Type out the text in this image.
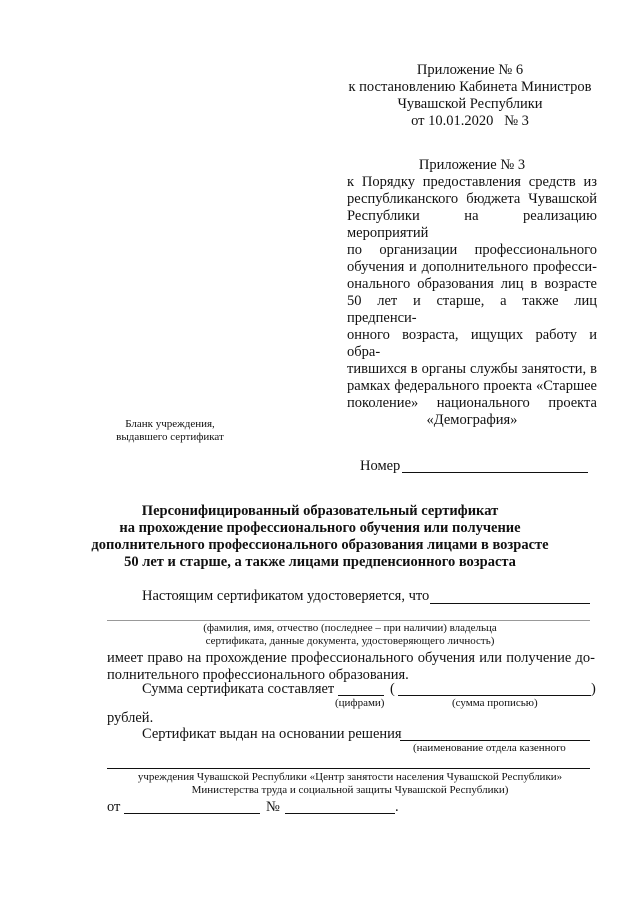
Приложение № 6
к постановлению Кабинета Министров
Чувашской Республики
от 10.01.2020   № 3
Приложение № 3
к Порядку предоставления средств из
республиканского бюджета Чувашской
Республики на реализацию мероприятий
по организации профессионального
обучения и дополнительного професси-
онального образования лиц в возрасте
50 лет и старше, а также лиц предпенси-
онного возраста, ищущих работу и обра-
тившихся в органы службы занятости, в
рамках федерального проекта «Старшее
поколение» национального проекта
«Демография»
Бланк учреждения,
выдавшего сертификат
Номер
Персонифицированный образовательный сертификат
на прохождение профессионального обучения или получение
дополнительного профессионального образования лицами в возрасте
50 лет и старше, а также лицами предпенсионного возраста
Настоящим сертификатом удостоверяется, что
(фамилия, имя, отчество (последнее – при наличии) владельца
сертификата, данные документа, удостоверяющего личность)
имеет право на прохождение профессионального обучения или получение до-
полнительного профессионального образования.
Сумма сертификата составляет	(	)
(цифрами)	(сумма прописью)
рублей.
Сертификат выдан на основании решения
(наименование отдела казенного
учреждения Чувашской Республики «Центр занятости населения Чувашской Республики»
Министерства труда и социальной защиты Чувашской Республики)
от	№	.
